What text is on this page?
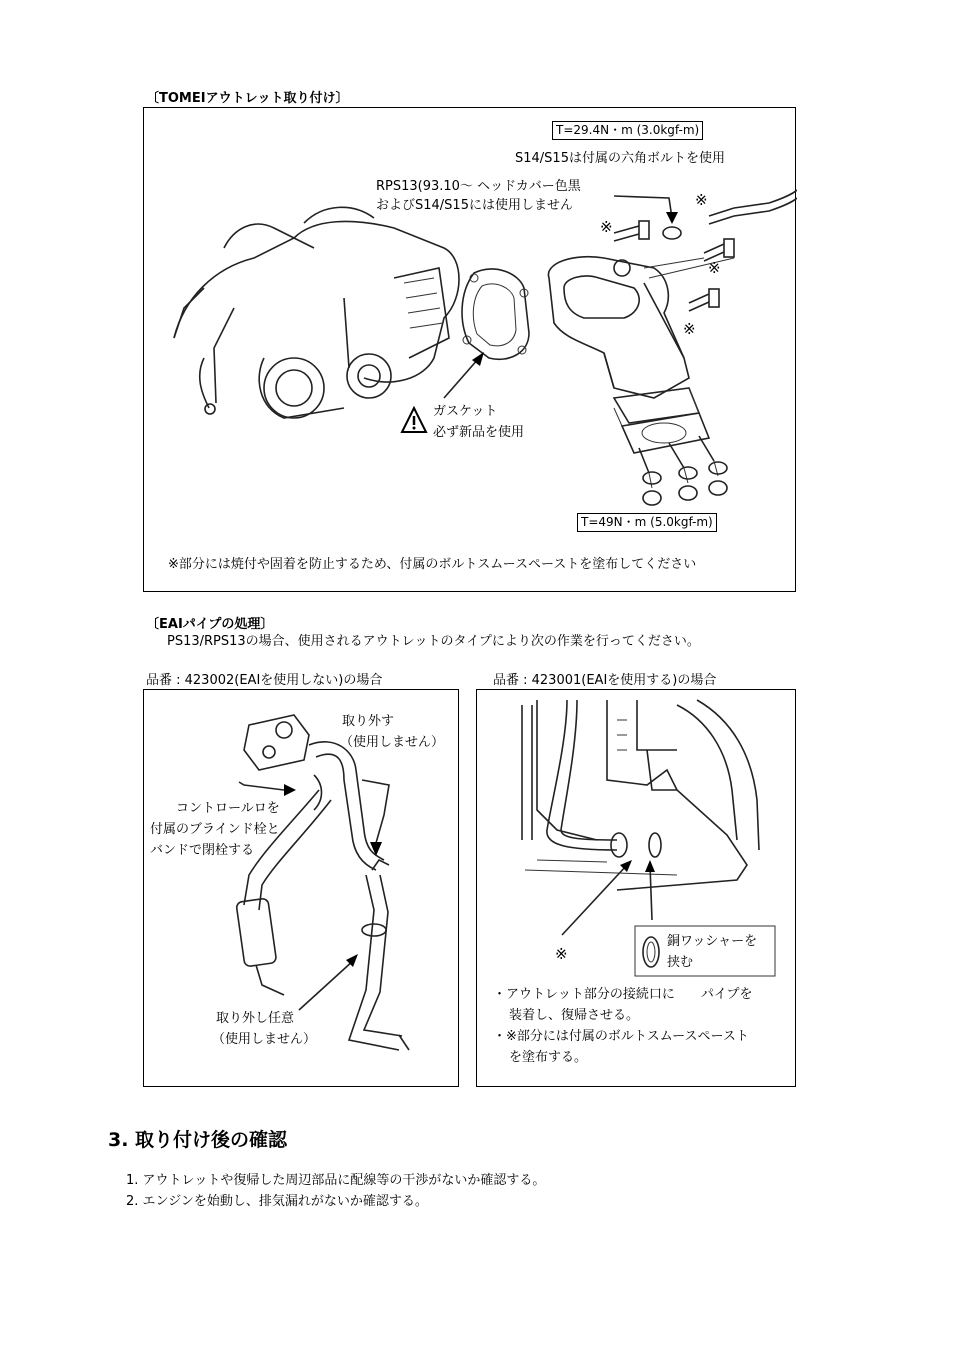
〔TOMEIアウトレット取り付け〕
T=29.4N・m (3.0kgf-m)
S14/S15は付属の六角ボルトを使用
RPS13(93.10～ ヘッドカバー色黒
およびS14/S15には使用しません	※
※
※
※
ガスケット
必ず新品を使用
T=49N・m (5.0kgf-m)
※部分には焼付や固着を防止するため、付属のボルトスムースペーストを塗布してください
〔EAIパイプの処理〕
PS13/RPS13の場合、使用されるアウトレットのタイプにより次の作業を行ってください。
品番 : 423002(EAIを使用しない)の場合	品番 : 423001(EAIを使用する)の場合
取り外す
（使用しません）
コントロールロを
付属のブラインド栓と
バンドで閉栓する
取り外し任意
（使用しません）
※
銅ワッシャーを
挟む
・アウトレット部分の接続口に　　パイプを
装着し、復帰させる。
・※部分には付属のボルトスムースペースト
を塗布する。
3. 取り付け後の確認
1. アウトレットや復帰した周辺部品に配線等の干渉がないか確認する。
2. エンジンを始動し、排気漏れがないか確認する。
